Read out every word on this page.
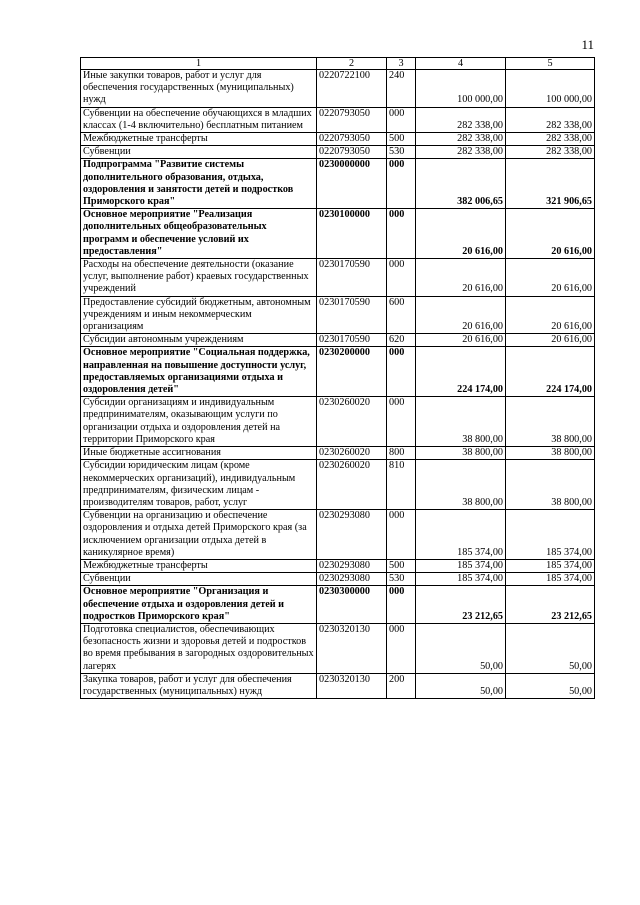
11
1	2	3	4	5
Иные закупки товаров, работ и услуг для обеспечения государственных (муниципальных) нужд	0220722100	240	100 000,00	100 000,00
Субвенции на обеспечение обучающихся в младших классах (1-4 включительно) бесплатным питанием	0220793050	000	282 338,00	282 338,00
Межбюджетные трансферты	0220793050	500	282 338,00	282 338,00
Субвенции	0220793050	530	282 338,00	282 338,00
Подпрограмма "Развитие системы дополнительного образования, отдыха, оздоровления и занятости детей и подростков Приморского края"	0230000000	000	382 006,65	321 906,65
Основное мероприятие "Реализация дополнительных общеобразовательных программ и обеспечение условий их предоставления"	0230100000	000	20 616,00	20 616,00
Расходы на обеспечение деятельности (оказание услуг, выполнение работ) краевых государственных учреждений	0230170590	000	20 616,00	20 616,00
Предоставление субсидий бюджетным, автономным учреждениям и иным некоммерческим организациям	0230170590	600	20 616,00	20 616,00
Субсидии автономным учреждениям	0230170590	620	20 616,00	20 616,00
Основное мероприятие "Социальная поддержка, направленная на повышение доступности услуг, предоставляемых организациями отдыха и оздоровления детей"	0230200000	000	224 174,00	224 174,00
Субсидии организациям и индивидуальным предпринимателям, оказывающим услуги по организации отдыха и оздоровления детей на территории Приморского края	0230260020	000	38 800,00	38 800,00
Иные бюджетные ассигнования	0230260020	800	38 800,00	38 800,00
Субсидии юридическим лицам (кроме некоммерческих организаций), индивидуальным предпринимателям, физическим лицам - производителям товаров, работ, услуг	0230260020	810	38 800,00	38 800,00
Субвенции на организацию и обеспечение оздоровления и отдыха детей Приморского края (за исключением организации отдыха детей в каникулярное время)	0230293080	000	185 374,00	185 374,00
Межбюджетные трансферты	0230293080	500	185 374,00	185 374,00
Субвенции	0230293080	530	185 374,00	185 374,00
Основное мероприятие "Организация и обеспечение отдыха и оздоровления детей и подростков Приморского края"	0230300000	000	23 212,65	23 212,65
Подготовка специалистов, обеспечивающих безопасность жизни и здоровья детей и подростков во время пребывания в загородных оздоровительных лагерях	0230320130	000	50,00	50,00
Закупка товаров, работ и услуг для обеспечения государственных (муниципальных) нужд	0230320130	200	50,00	50,00
